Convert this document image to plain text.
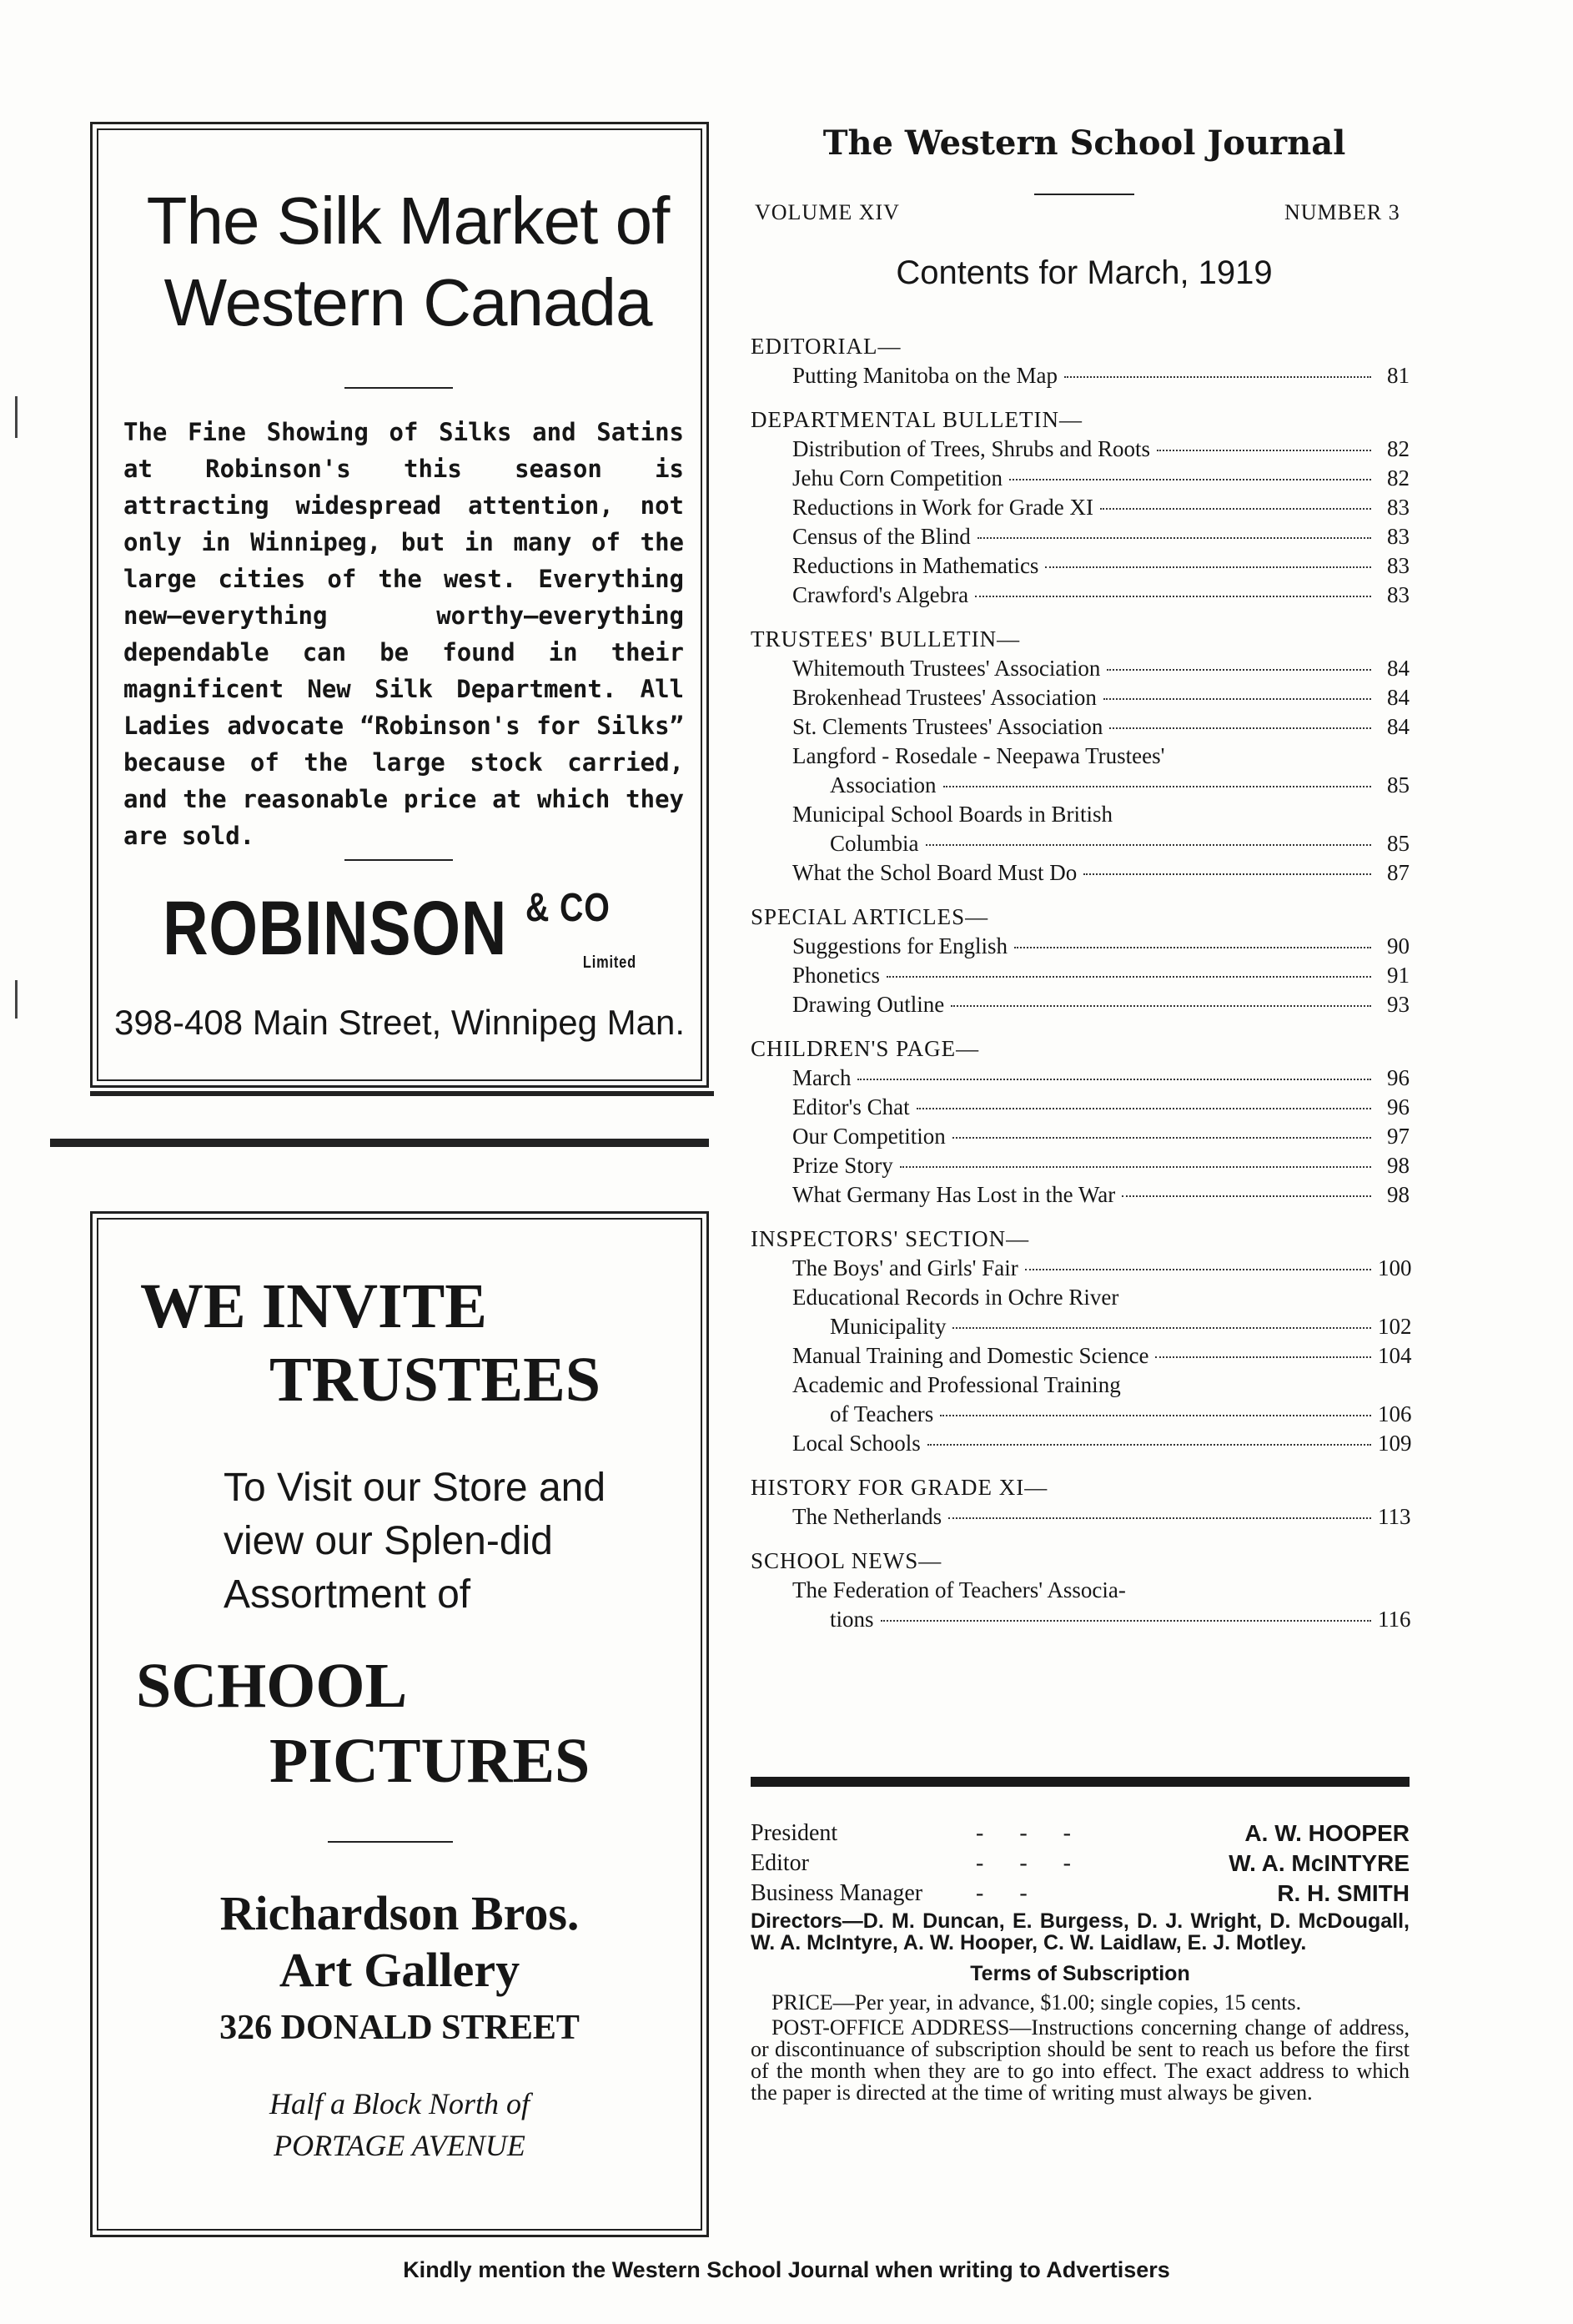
The Silk Market of Western Canada
The Fine Showing of Silks and Satins at Robinson's this season is attracting widespread attention, not only in Winnipeg, but in many of the large cities of the west. Everything new—everything worthy—everything dependable can be found in their magnificent New Silk Department. All Ladies advocate “Robinson's for Silks” because of the large stock carried, and the reasonable price at which they are sold.
ROBINSON $^{\& CO}$Limited
398-408 Main Street, Winnipeg Man.
WE INVITE
TRUSTEES
To Visit our Store and view our Splen-did Assortment of
SCHOOL
PICTURES
Richardson Bros.
Art Gallery
326 DONALD STREET
Half a Block North of
PORTAGE AVENUE
The Western School Journal
VOLUME XIV	NUMBER 3
Contents for March, 1919
EDITORIAL—
Putting Manitoba on the Map	81
DEPARTMENTAL BULLETIN—
Distribution of Trees, Shrubs and Roots	82
Jehu Corn Competition	82
Reductions in Work for Grade XI	83
Census of the Blind	83
Reductions in Mathematics	83
Crawford's Algebra	83
TRUSTEES' BULLETIN—
Whitemouth Trustees' Association	84
Brokenhead Trustees' Association	84
St. Clements Trustees' Association	84
Langford - Rosedale - Neepawa Trustees'
Association	85
Municipal School Boards in British
Columbia	85
What the Schol Board Must Do	87
SPECIAL ARTICLES—
Suggestions for English	90
Phonetics	91
Drawing Outline	93
CHILDREN'S PAGE—
March	96
Editor's Chat	96
Our Competition	97
Prize Story	98
What Germany Has Lost in the War	98
INSPECTORS' SECTION—
The Boys' and Girls' Fair	100
Educational Records in Ochre River
Municipality	102
Manual Training and Domestic Science	104
Academic and Professional Training
of Teachers	106
Local Schools	109
HISTORY FOR GRADE XI—
The Netherlands	113
SCHOOL NEWS—
The Federation of Teachers' Associa-
tions	116
President	- - -	A. W. HOOPER
Editor	- - -	W. A. McINTYRE
Business Manager	- -	R. H. SMITH
Directors—D. M. Duncan, E. Burgess, D. J. Wright, D. McDougall, W. A. McIntyre, A. W. Hooper, C. W. Laidlaw, E. J. Motley.
Terms of Subscription
PRICE—Per year, in advance, $1.00; single copies, 15 cents.
POST-OFFICE ADDRESS—Instructions concerning change of address, or discontinuance of subscription should be sent to reach us before the first of the month when they are to go into effect. The exact address to which the paper is directed at the time of writing must always be given.
Kindly mention the Western School Journal when writing to Advertisers
